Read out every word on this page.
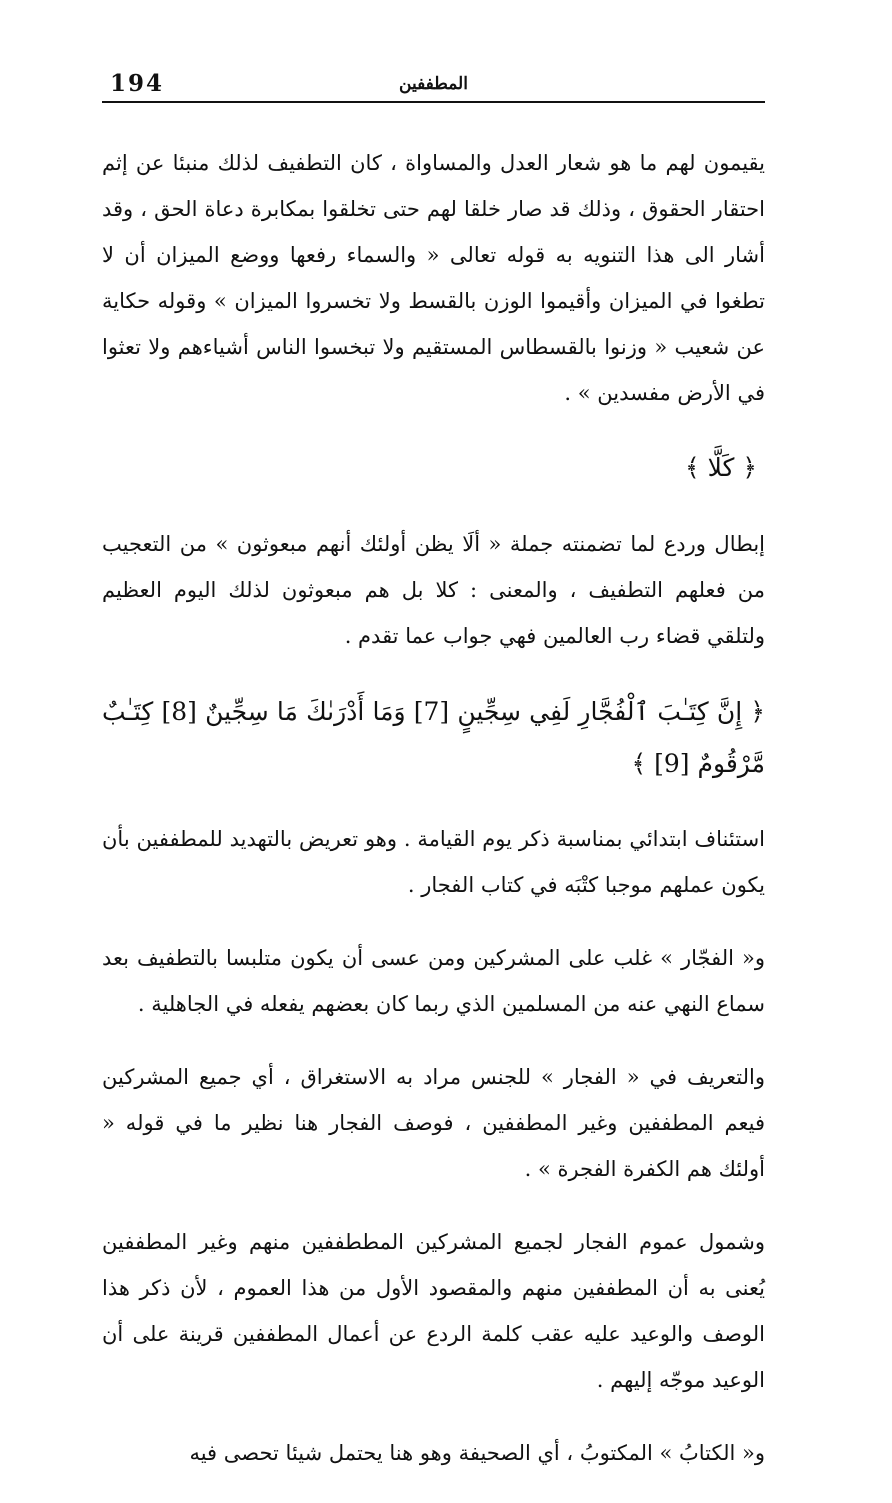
194	المطففين

يقيمون لهم ما هو شعار العدل والمساواة ، كان التطفيف لذلك منبئا عن إثم احتقار الحقوق ، وذلك قد صار خلقا لهم حتى تخلقوا بمكابرة دعاة الحق ، وقد أشار الى هذا التنويه به قوله تعالى « والسماء رفعها ووضع الميزان أن لا تطغوا في الميزان وأقيموا الوزن بالقسط ولا تخسروا الميزان » وقوله حكاية عن شعيب « وزنوا بالقسطاس المستقيم ولا تبخسوا الناس أشياءهم ولا تعثوا في الأرض مفسدين » .

﴿ كَلَّا ﴾

إبطال وردع لما تضمنته جملة « ألَا يظن أولئك أنهم مبعوثون » من التعجيب من فعلهم التطفيف ، والمعنى : كلا بل هم مبعوثون لذلك اليوم العظيم ولتلقي قضاء رب العالمين فهي جواب عما تقدم .

﴿ إِنَّ كِتَـٰبَ ٱلْفُجَّارِ لَفِي سِجِّينٍ [7] وَمَا أَدْرَىٰكَ مَا سِجِّينٌ [8] كِتَـٰبٌ مَّرْقُومٌ [9] ﴾

استئناف ابتدائي بمناسبة ذكر يوم القيامة . وهو تعريض بالتهديد للمطففين بأن يكون عملهم موجبا كتْبَه في كتاب الفجار .

و« الفجّار » غلب على المشركين ومن عسى أن يكون متلبسا بالتطفيف بعد سماع النهي عنه من المسلمين الذي ربما كان بعضهم يفعله في الجاهلية .

والتعريف في « الفجار » للجنس مراد به الاستغراق ، أي جميع المشركين فيعم المطففين وغير المطففين ، فوصف الفجار هنا نظير ما في قوله « أولئك هم الكفرة الفجرة » .

وشمول عموم الفجار لجميع المشركين المططففين منهم وغير المطففين يُعنى به أن المطففين منهم والمقصود الأول من هذا العموم ، لأن ذكر هذا الوصف والوعيد عليه عقب كلمة الردع عن أعمال المطففين قرينة على أن الوعيد موجّه إليهم .

و« الكتابُ » المكتوبُ ، أي الصحيفة وهو هنا يحتمل شيئا تحصى فيه
